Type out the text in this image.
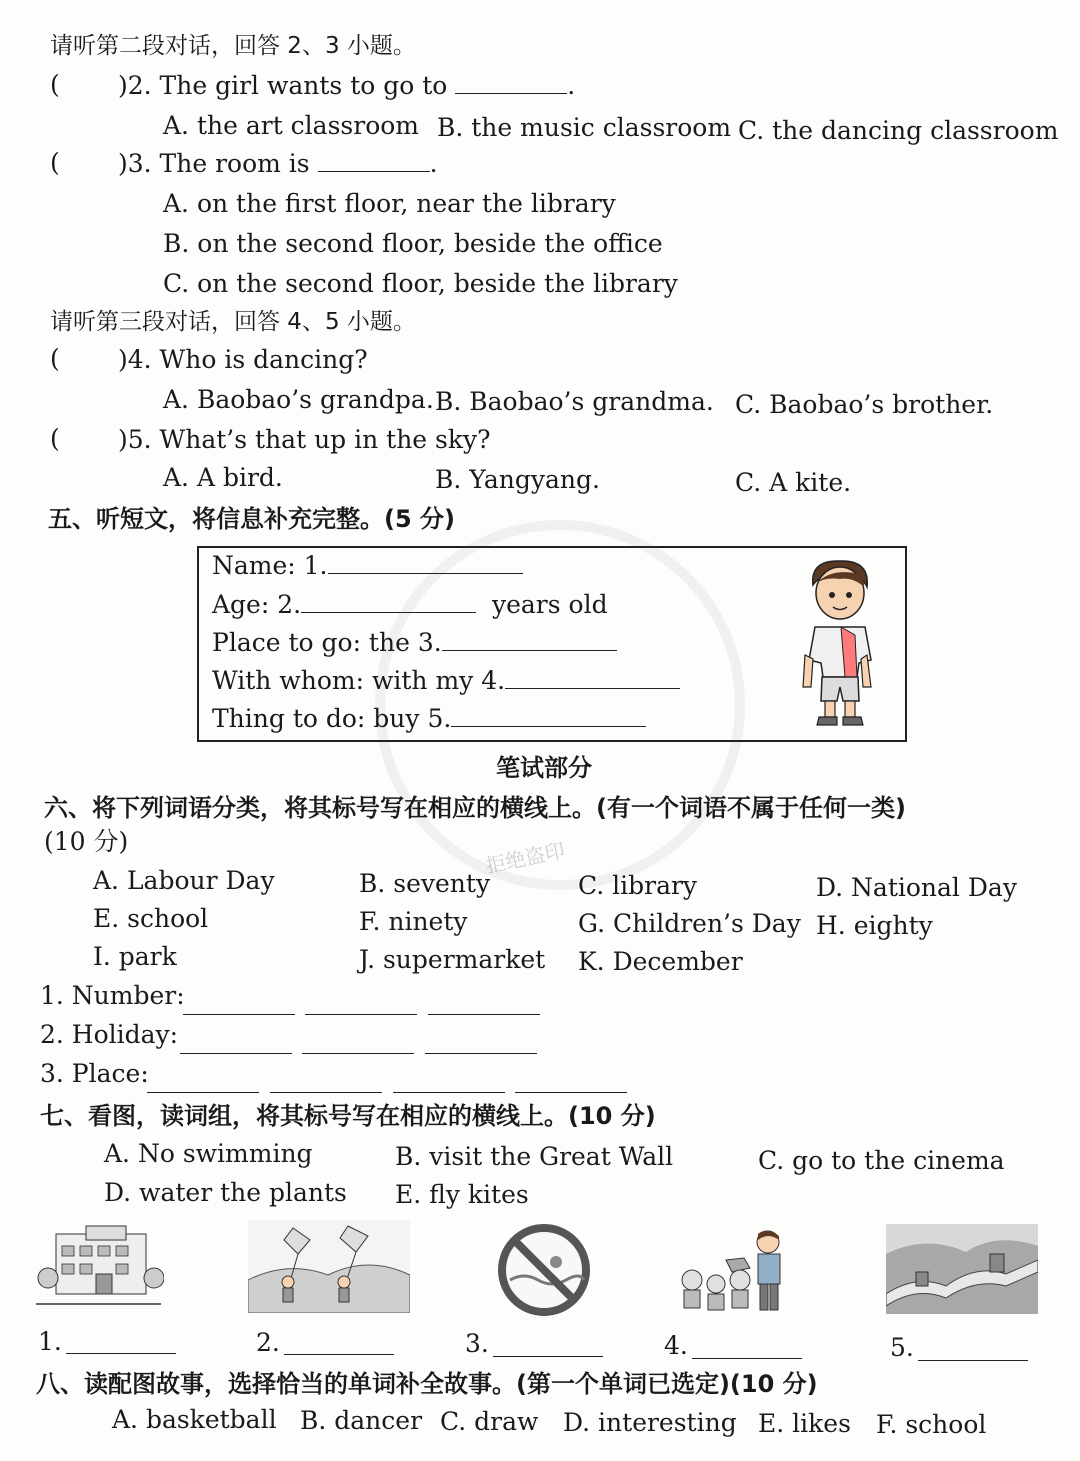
拒绝盗印
请听第二段对话，回答 2、3 小题。
( )2. The girl wants to go to	.
A. the art classroom B. the music classroom C. the dancing classroom
( )3. The room is	.
A. on the first floor, near the library
B. on the second floor, beside the office
C. on the second floor, beside the library
请听第三段对话，回答 4、5 小题。
( )4. Who is dancing?
A. Baobao’s grandpa. B. Baobao’s grandma. C. Baobao’s brother.
( )5. What’s that up in the sky?
A. A bird.	B. Yangyang.	C. A kite.
五、听短文，将信息补充完整。(5 分)
Name: 1.
Age: 2.	years old
Place to go: the 3.
With whom: with my 4.
Thing to do: buy 5.
笔试部分
六、将下列词语分类，将其标号写在相应的横线上。(有一个词语不属于任何一类)
(10 分)
A. Labour Day	B. seventy	C. library	D. National Day
E. school	F. ninety	G. Children’s Day H. eighty
I. park	J. supermarket K. December
1. Number:
2. Holiday:
3. Place:
七、看图，读词组，将其标号写在相应的横线上。(10 分)
A. No swimming	B. visit the Great Wall	C. go to the cinema
D. water the plants E. fly kites
1.	2.	3.	4.	5.
八、读配图故事，选择恰当的单词补全故事。(第一个单词已选定)(10 分)
A. basketball B. dancer C. draw D. interesting E. likes F. school
